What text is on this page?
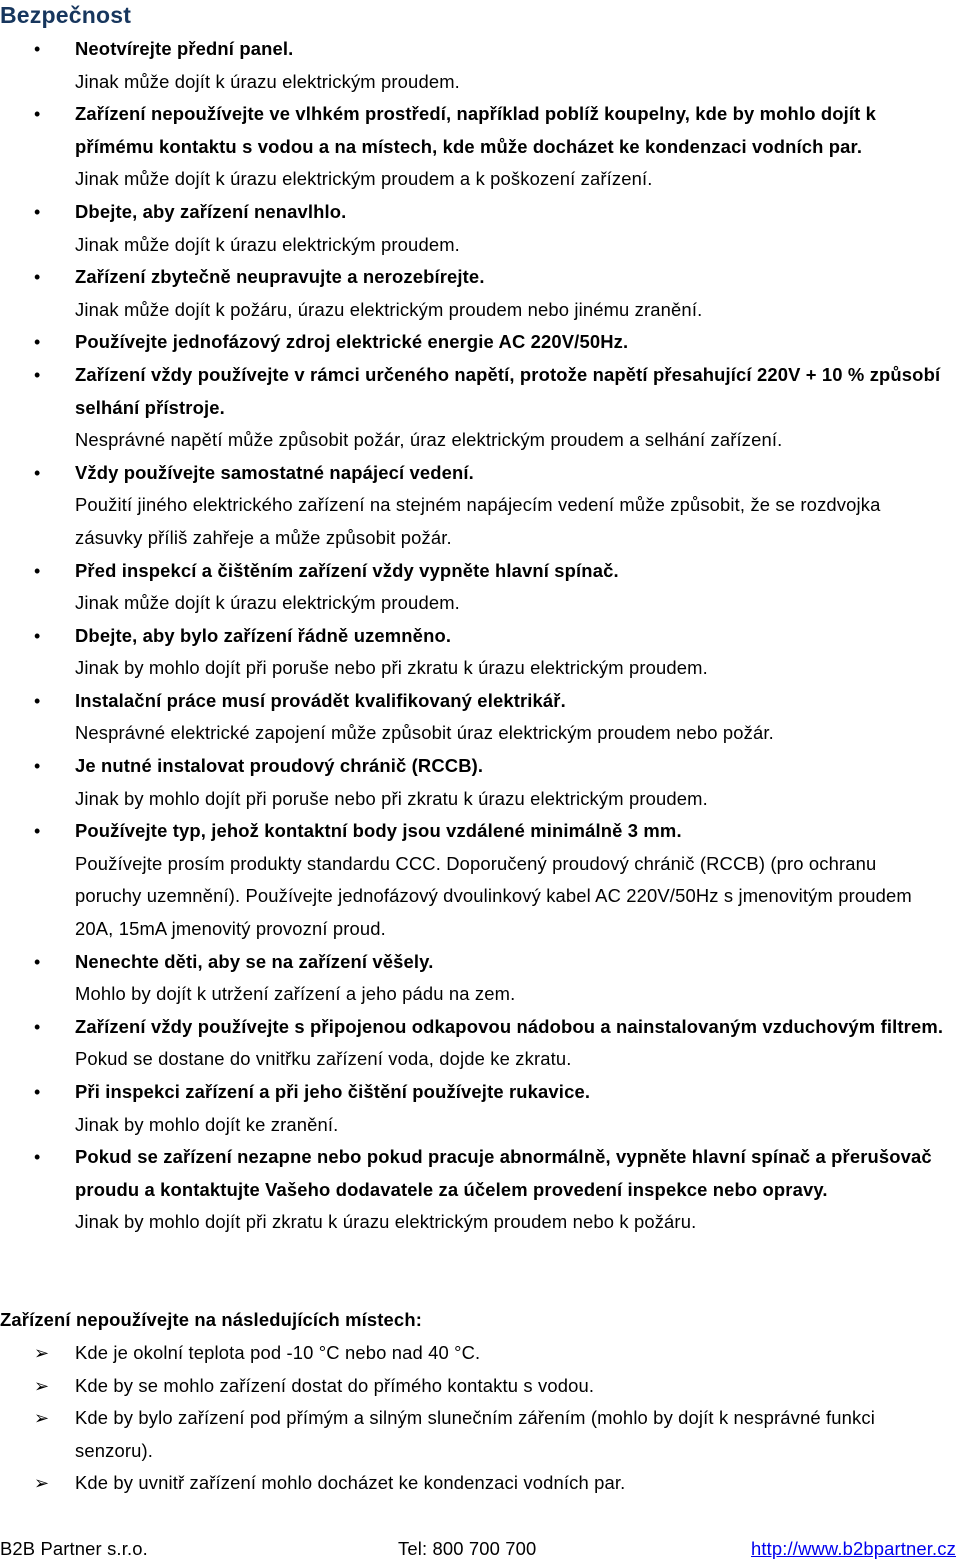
Bezpečnost
• Neotvírejte přední panel.
Jinak může dojít k úrazu elektrickým proudem.
• Zařízení nepoužívejte ve vlhkém prostředí, například poblíž koupelny, kde by mohlo dojít k přímému kontaktu s vodou a na místech, kde může docházet ke kondenzaci vodních par.
Jinak může dojít k úrazu elektrickým proudem a k poškození zařízení.
• Dbejte, aby zařízení nenavlhlo.
Jinak může dojít k úrazu elektrickým proudem.
• Zařízení zbytečně neupravujte a nerozebírejte.
Jinak může dojít k požáru, úrazu elektrickým proudem nebo jinému zranění.
• Používejte jednofázový zdroj elektrické energie AC 220V/50Hz.
• Zařízení vždy používejte v rámci určeného napětí, protože napětí přesahující 220V + 10 % způsobí selhání přístroje.
Nesprávné napětí může způsobit požár, úraz elektrickým proudem a selhání zařízení.
• Vždy používejte samostatné napájecí vedení.
Použití jiného elektrického zařízení na stejném napájecím vedení může způsobit, že se rozdvojka zásuvky příliš zahřeje a může způsobit požár.
• Před inspekcí a čištěním zařízení vždy vypněte hlavní spínač.
Jinak může dojít k úrazu elektrickým proudem.
• Dbejte, aby bylo zařízení řádně uzemněno.
Jinak by mohlo dojít při poruše nebo při zkratu k úrazu elektrickým proudem.
• Instalační práce musí provádět kvalifikovaný elektrikář.
Nesprávné elektrické zapojení může způsobit úraz elektrickým proudem nebo požár.
• Je nutné instalovat proudový chránič (RCCB).
Jinak by mohlo dojít při poruše nebo při zkratu k úrazu elektrickým proudem.
• Používejte typ, jehož kontaktní body jsou vzdálené minimálně 3 mm.
Používejte prosím produkty standardu CCC. Doporučený proudový chránič (RCCB) (pro ochranu poruchy uzemnění). Používejte jednofázový dvoulinkový kabel AC 220V/50Hz s jmenovitým proudem 20A, 15mA jmenovitý provozní proud.
• Nenechte děti, aby se na zařízení věšely.
Mohlo by dojít k utržení zařízení a jeho pádu na zem.
• Zařízení vždy používejte s připojenou odkapovou nádobou a nainstalovaným vzduchovým filtrem.
Pokud se dostane do vnitřku zařízení voda, dojde ke zkratu.
• Při inspekci zařízení a při jeho čištění používejte rukavice.
Jinak by mohlo dojít ke zranění.
• Pokud se zařízení nezapne nebo pokud pracuje abnormálně, vypněte hlavní spínač a přerušovač proudu a kontaktujte Vašeho dodavatele za účelem provedení inspekce nebo opravy.
Jinak by mohlo dojít při zkratu k úrazu elektrickým proudem nebo k požáru.
Zařízení nepoužívejte na následujících místech:
➢ Kde je okolní teplota pod -10 °C nebo nad 40 °C.
➢ Kde by se mohlo zařízení dostat do přímého kontaktu s vodou.
➢ Kde by bylo zařízení pod přímým a silným slunečním zářením (mohlo by dojít k nesprávné funkci senzoru).
➢ Kde by uvnitř zařízení mohlo docházet ke kondenzaci vodních par.
B2B Partner s.r.o.	Tel: 800 700 700	http://www.b2bpartner.cz
